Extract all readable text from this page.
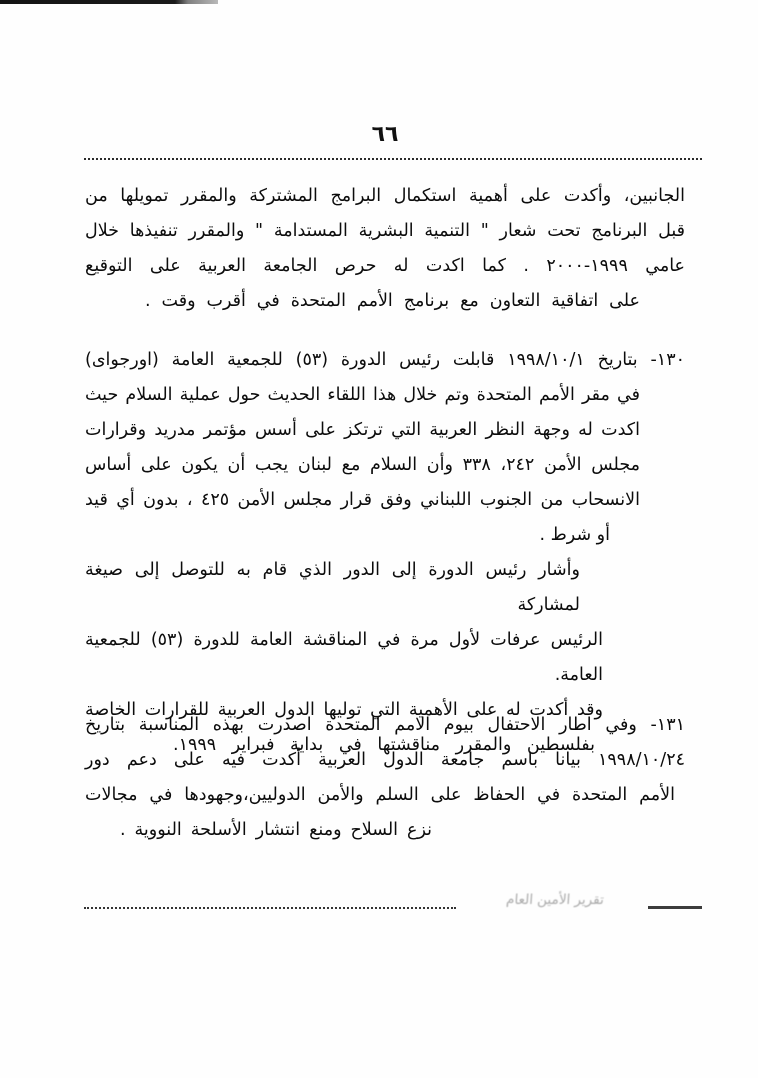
٦٦
الجانبين، وأكدت على أهمية استكمال البرامج المشتركة والمقرر تمويلها من
قبل البرنامج تحت شعار " التنمية البشرية المستدامة " والمقرر تنفيذها خلال
عامي ١٩٩٩-٢٠٠٠ . كما اكدت له حرص الجامعة العربية على التوقيع
على اتفاقية التعاون مع برنامج الأمم المتحدة في أقرب وقت .
١٣٠- بتاريخ ١٩٩٨/١٠/١ قابلت رئيس الدورة (٥٣) للجمعية العامة (اورجواى)
في مقر الأمم المتحدة وتم خلال هذا اللقاء الحديث حول عملية السلام حيث
اكدت له وجهة النظر العربية التي ترتكز على أسس مؤتمر مدريد وقرارات
مجلس الأمن ٢٤٢، ٣٣٨ وأن السلام مع لبنان يجب أن يكون على أساس
الانسحاب من الجنوب اللبناني وفق قرار مجلس الأمن ٤٢٥ ، بدون أي قيد
أو شرط .
وأشار رئيس الدورة إلى الدور الذي قام به للتوصل إلى صيغة لمشاركة
الرئيس عرفات لأول مرة في المناقشة العامة للدورة (٥٣) للجمعية العامة.
وقد أكدت له على الأهمية التي توليها الدول العربية للقرارات الخاصة
بفلسطين والمقرر مناقشتها في بداية فبراير ١٩٩٩.
١٣١- وفي اطار الاحتفال بيوم الامم المتحدة اصدرت بهذه المناسبة بتاريخ
١٩٩٨/١٠/٢٤ بيانا باسم جامعة الدول العربية أكدت فيه على دعم دور
الأمم المتحدة في الحفاظ على السلم والأمن الدوليين،وجهودها في مجالات
نزع السلاح ومنع انتشار الأسلحة النووية .
تقرير الأمين العام
